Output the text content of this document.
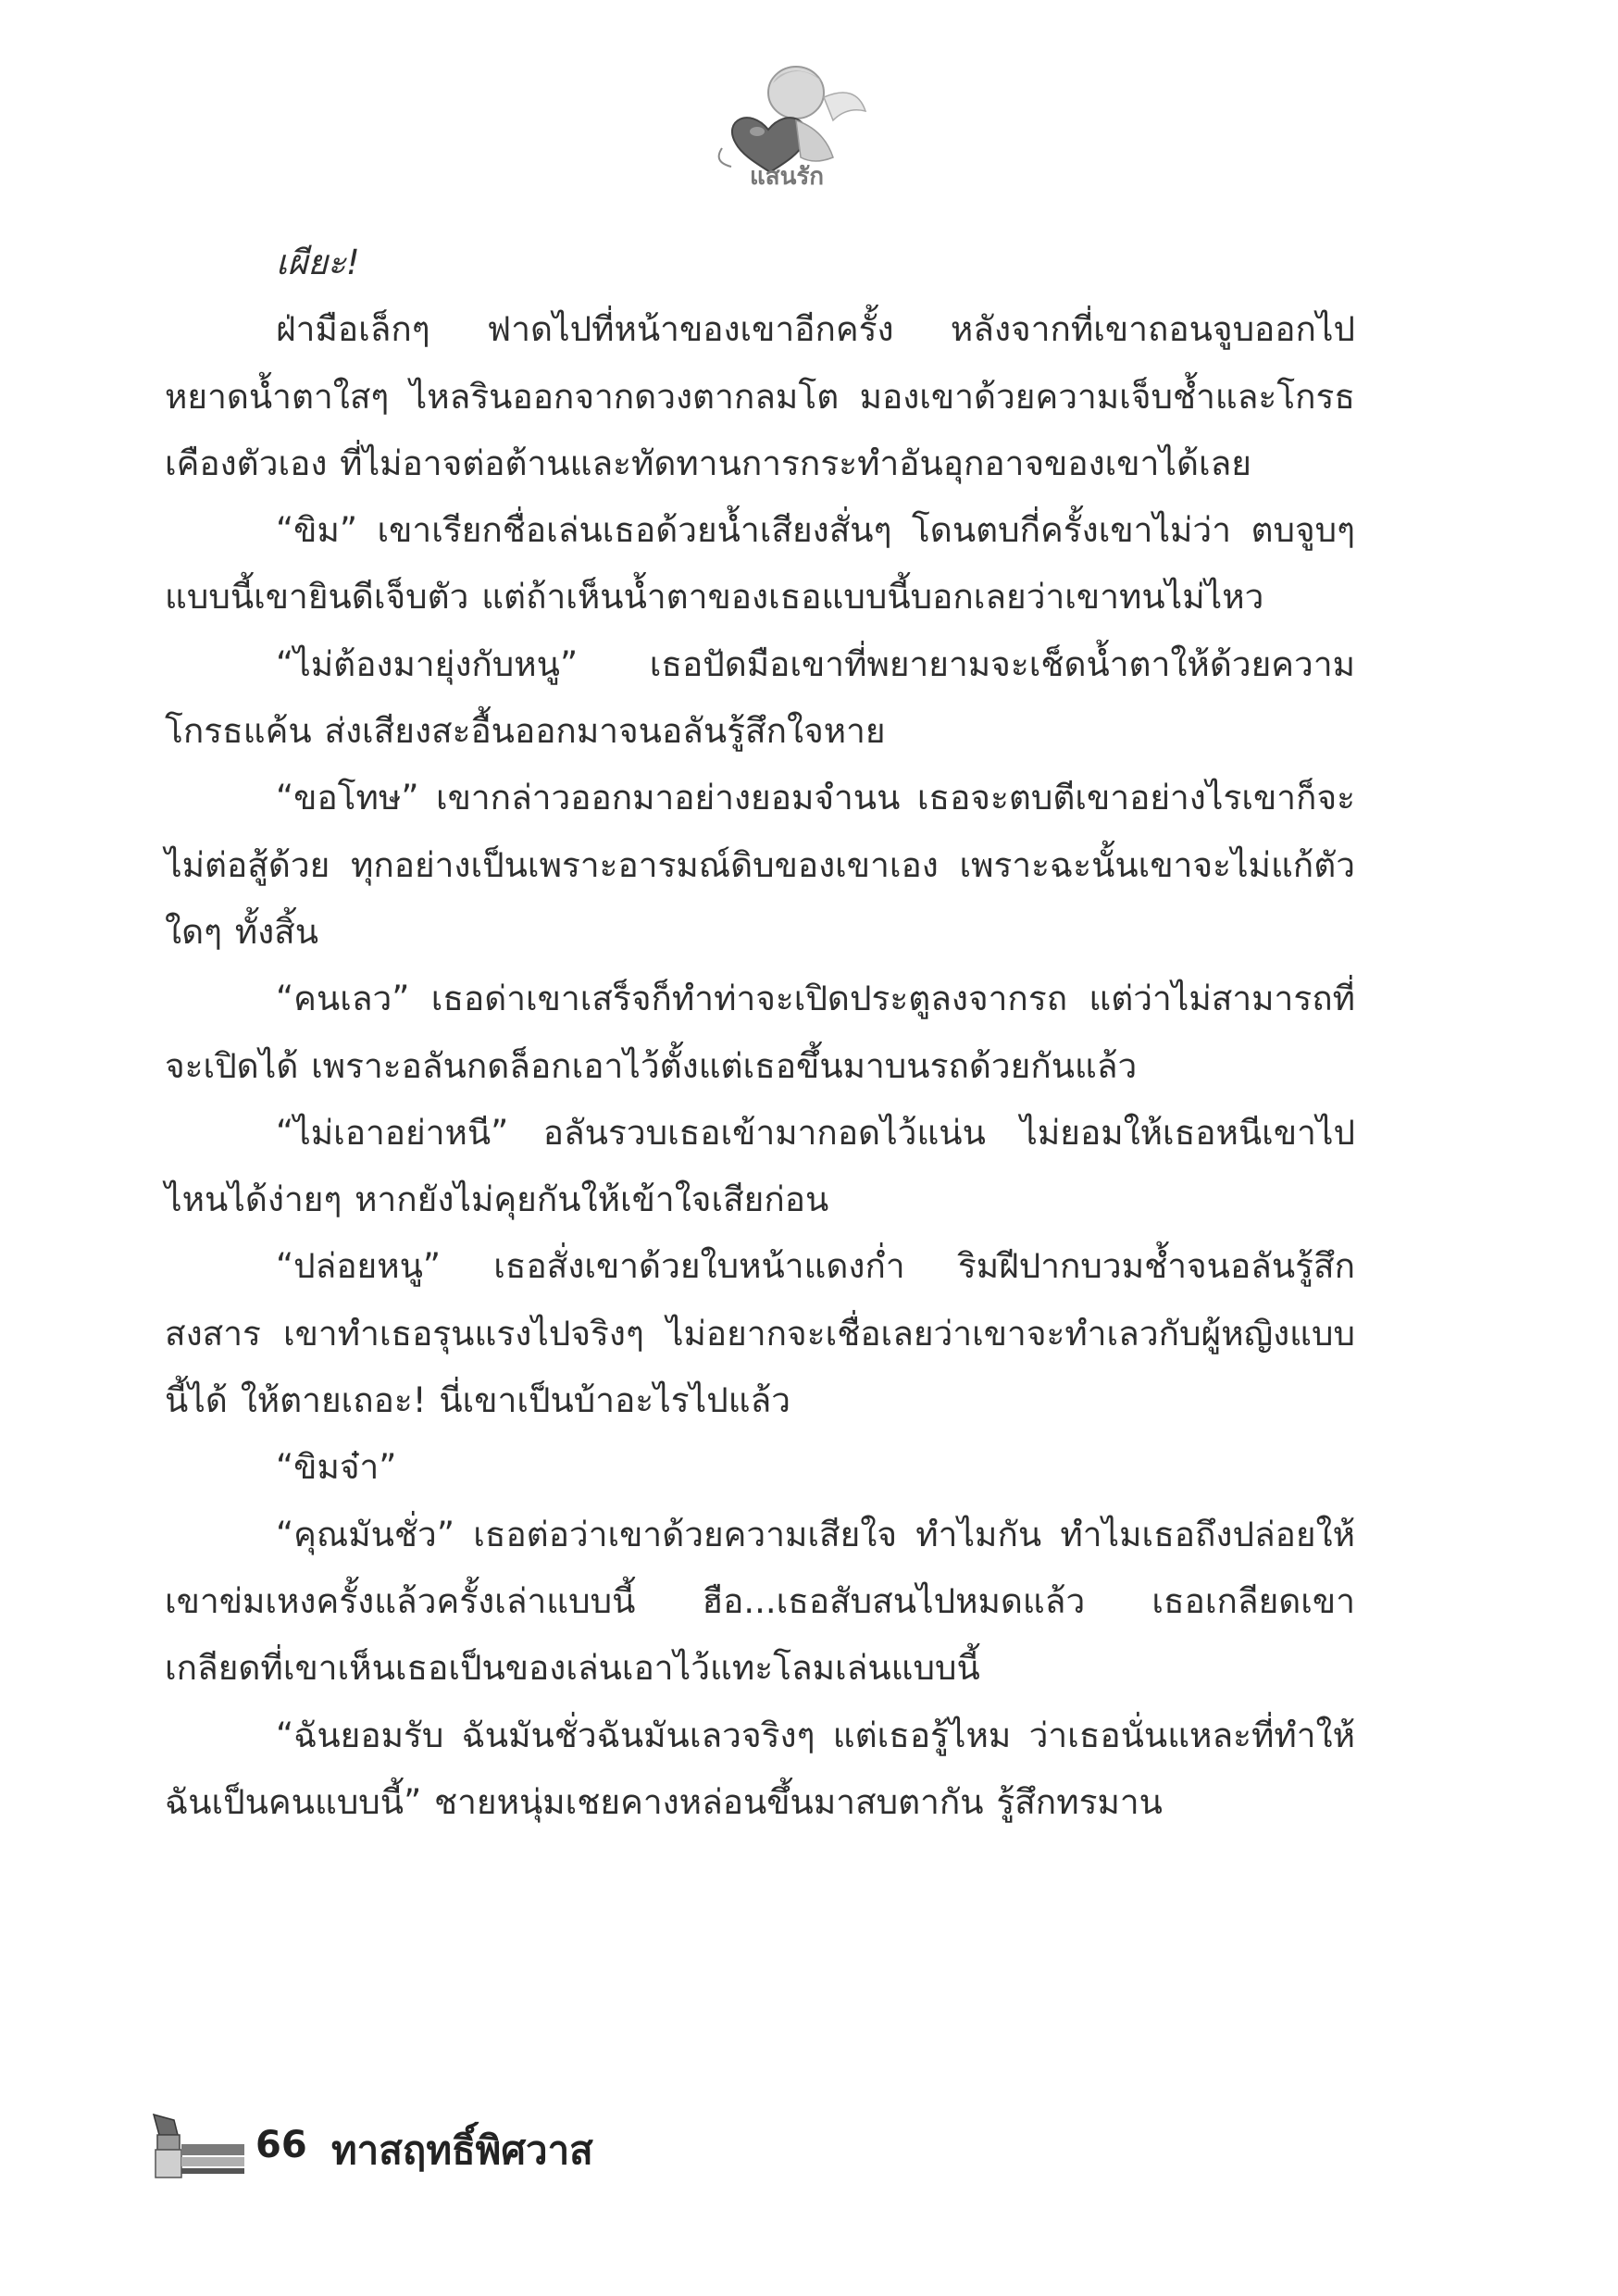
แสนรัก

เผียะ!

ฝ่ามือเล็กๆ ฟาดไปที่หน้าของเขาอีกครั้ง หลังจากที่เขาถอนจูบออกไป หยาดน้ำตาใสๆ ไหลรินออกจากดวงตากลมโต มองเขาด้วยความเจ็บช้ำและโกรธเคืองตัวเอง ที่ไม่อาจต่อต้านและทัดทานการกระทำอันอุกอาจของเขาได้เลย

“ขิม” เขาเรียกชื่อเล่นเธอด้วยน้ำเสียงสั่นๆ โดนตบกี่ครั้งเขาไม่ว่า ตบจูบๆ แบบนี้เขายินดีเจ็บตัว แต่ถ้าเห็นน้ำตาของเธอแบบนี้บอกเลยว่าเขาทนไม่ไหว

“ไม่ต้องมายุ่งกับหนู” เธอปัดมือเขาที่พยายามจะเช็ดน้ำตาให้ด้วยความโกรธแค้น ส่งเสียงสะอื้นออกมาจนอลันรู้สึกใจหาย

“ขอโทษ” เขากล่าวออกมาอย่างยอมจำนน เธอจะตบตีเขาอย่างไรเขาก็จะไม่ต่อสู้ด้วย ทุกอย่างเป็นเพราะอารมณ์ดิบของเขาเอง เพราะฉะนั้นเขาจะไม่แก้ตัวใดๆ ทั้งสิ้น

“คนเลว” เธอด่าเขาเสร็จก็ทำท่าจะเปิดประตูลงจากรถ แต่ว่าไม่สามารถที่จะเปิดได้ เพราะอลันกดล็อกเอาไว้ตั้งแต่เธอขึ้นมาบนรถด้วยกันแล้ว

“ไม่เอาอย่าหนี” อลันรวบเธอเข้ามากอดไว้แน่น ไม่ยอมให้เธอหนีเขาไปไหนได้ง่ายๆ หากยังไม่คุยกันให้เข้าใจเสียก่อน

“ปล่อยหนู” เธอสั่งเขาด้วยใบหน้าแดงก่ำ ริมฝีปากบวมช้ำจนอลันรู้สึกสงสาร เขาทำเธอรุนแรงไปจริงๆ ไม่อยากจะเชื่อเลยว่าเขาจะทำเลวกับผู้หญิงแบบนี้ได้ ให้ตายเถอะ! นี่เขาเป็นบ้าอะไรไปแล้ว

“ขิมจ๋า”

“คุณมันชั่ว” เธอต่อว่าเขาด้วยความเสียใจ ทำไมกัน ทำไมเธอถึงปล่อยให้เขาข่มเหงครั้งแล้วครั้งเล่าแบบนี้ ฮือ...เธอสับสนไปหมดแล้ว เธอเกลียดเขา เกลียดที่เขาเห็นเธอเป็นของเล่นเอาไว้แทะโลมเล่นแบบนี้

“ฉันยอมรับ ฉันมันชั่วฉันมันเลวจริงๆ แต่เธอรู้ไหม ว่าเธอนั่นแหละที่ทำให้ฉันเป็นคนแบบนี้” ชายหนุ่มเชยคางหล่อนขึ้นมาสบตากัน รู้สึกทรมาน

66 ทาสฤทธิ์พิศวาส
